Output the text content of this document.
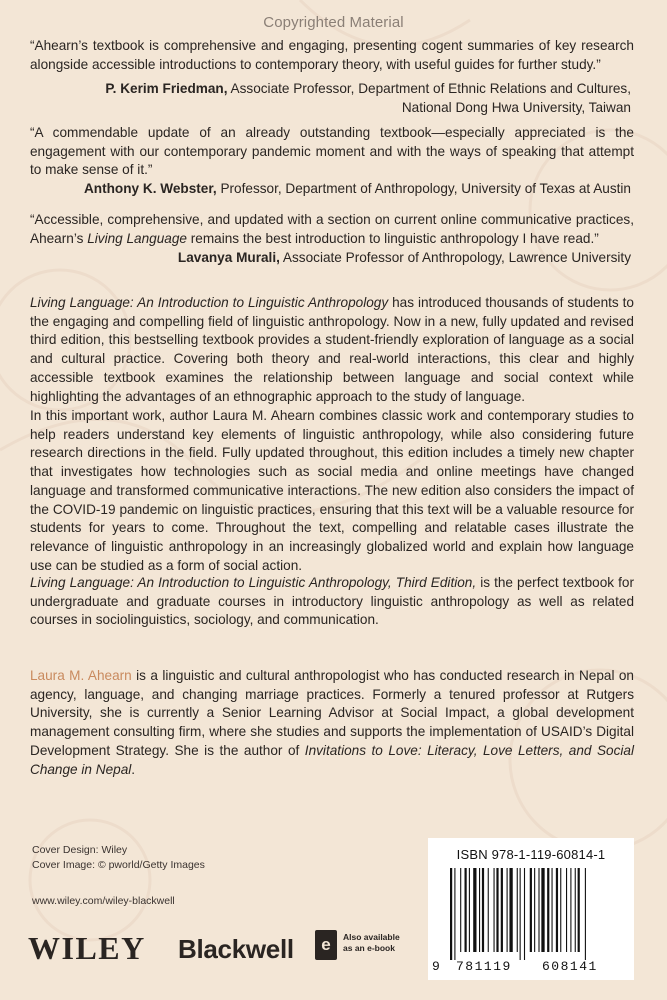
Copyrighted Material

“Ahearn’s textbook is comprehensive and engaging, presenting cogent summaries of key research alongside accessible introductions to contemporary theory, with useful guides for further study.”

P. Kerim Friedman, Associate Professor, Department of Ethnic Relations and Cultures,
National Dong Hwa University, Taiwan

“A commendable update of an already outstanding textbook—especially appreciated is the engagement with our contemporary pandemic moment and with the ways of speaking that attempt to make sense of it.”

Anthony K. Webster, Professor, Department of Anthropology, University of Texas at Austin

“Accessible, comprehensive, and updated with a section on current online communicative practices, Ahearn’s Living Language remains the best introduction to linguistic anthropology I have read.”

Lavanya Murali, Associate Professor of Anthropology, Lawrence University

Living Language: An Introduction to Linguistic Anthropology has introduced thousands of students to the engaging and compelling field of linguistic anthropology. Now in a new, fully updated and revised third edition, this bestselling textbook provides a student-friendly exploration of language as a social and cultural practice. Covering both theory and real-world interactions, this clear and highly accessible textbook examines the relationship between language and social context while highlighting the advantages of an ethnographic approach to the study of language.

In this important work, author Laura M. Ahearn combines classic work and contemporary studies to help readers understand key elements of linguistic anthropology, while also considering future research directions in the field. Fully updated throughout, this edition includes a timely new chapter that investigates how technologies such as social media and online meetings have changed language and transformed communicative interactions. The new edition also considers the impact of the COVID-19 pandemic on linguistic practices, ensuring that this text will be a valuable resource for students for years to come. Throughout the text, compelling and relatable cases illustrate the relevance of linguistic anthropology in an increasingly globalized world and explain how language use can be studied as a form of social action.

Living Language: An Introduction to Linguistic Anthropology, Third Edition, is the perfect textbook for undergraduate and graduate courses in introductory linguistic anthropology as well as related courses in sociolinguistics, sociology, and communication.

Laura M. Ahearn is a linguistic and cultural anthropologist who has conducted research in Nepal on agency, language, and changing marriage practices. Formerly a tenured professor at Rutgers University, she is currently a Senior Learning Advisor at Social Impact, a global development management consulting firm, where she studies and supports the implementation of USAID’s Digital Development Strategy. She is the author of Invitations to Love: Literacy, Love Letters, and Social Change in Nepal.

Cover Design: Wiley
Cover Image: © pworld/Getty Images
www.wiley.com/wiley-blackwell
WILEY Blackwell	e	Also available
as an e-book
ISBN 978-1-119-60814-1
9 781119 608141
